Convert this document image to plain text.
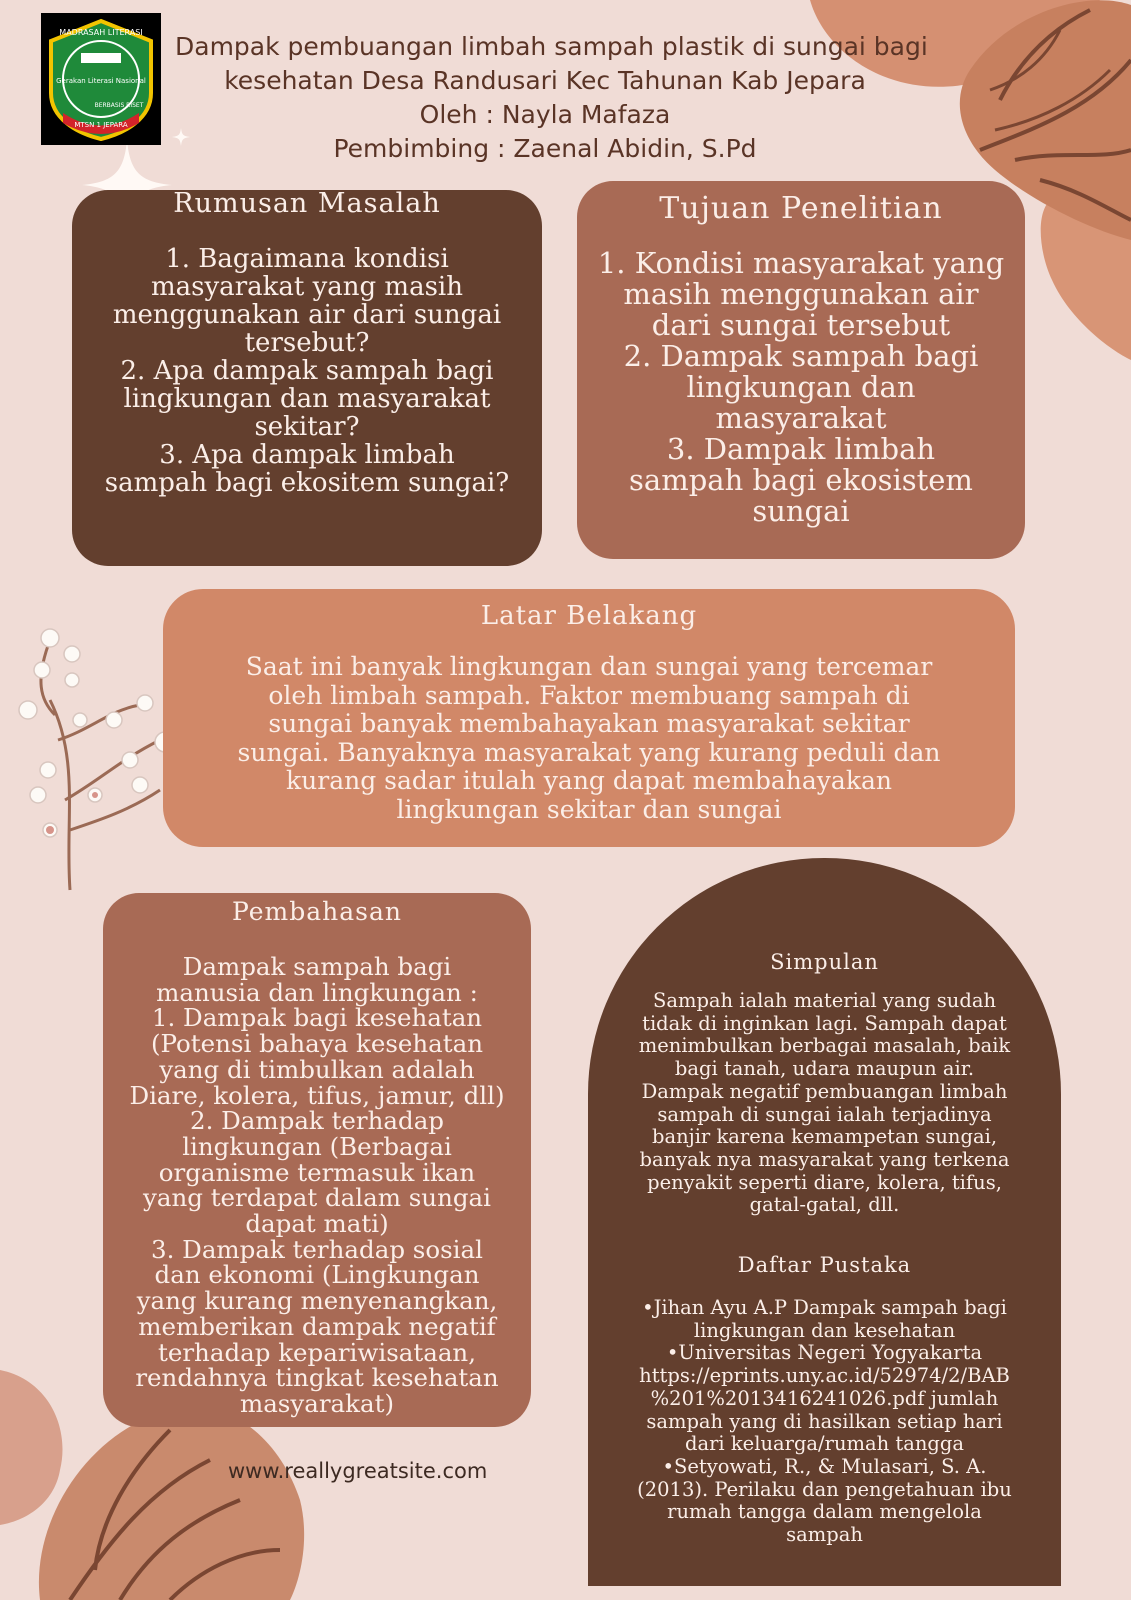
MADRASAH LITERASI
Gerakan Literasi Nasional
BERBASIS RISET
MTSN 1 JEPARA
Dampak pembuangan limbah sampah plastik di sungai bagi
kesehatan Desa Randusari Kec Tahunan Kab Jepara
Oleh : Nayla Mafaza
Pembimbing : Zaenal Abidin, S.Pd
Rumusan Masalah
1. Bagaimana kondisi
masyarakat yang masih
menggunakan air dari sungai
tersebut?
2. Apa dampak sampah bagi
lingkungan dan masyarakat
sekitar?
3. Apa dampak limbah
sampah bagi ekositem sungai?
Tujuan Penelitian
1. Kondisi masyarakat yang
masih menggunakan air
dari sungai tersebut
2. Dampak sampah bagi
lingkungan dan
masyarakat
3. Dampak limbah
sampah bagi ekosistem
sungai
Latar Belakang
Saat ini banyak lingkungan dan sungai yang tercemar
oleh limbah sampah. Faktor membuang sampah di
sungai banyak membahayakan masyarakat sekitar
sungai. Banyaknya masyarakat yang kurang peduli dan
kurang sadar itulah yang dapat membahayakan
lingkungan sekitar dan sungai
Pembahasan
Dampak sampah bagi
manusia dan lingkungan :
1. Dampak bagi kesehatan
(Potensi bahaya kesehatan
yang di timbulkan adalah
Diare, kolera, tifus, jamur, dll)
2. Dampak terhadap
lingkungan (Berbagai
organisme termasuk ikan
yang terdapat dalam sungai
dapat mati)
3. Dampak terhadap sosial
dan ekonomi (Lingkungan
yang kurang menyenangkan,
memberikan dampak negatif
terhadap kepariwisataan,
rendahnya tingkat kesehatan
masyarakat)
Simpulan
Sampah ialah material yang sudah
tidak di inginkan lagi. Sampah dapat
menimbulkan berbagai masalah, baik
bagi tanah, udara maupun air.
Dampak negatif pembuangan limbah
sampah di sungai ialah terjadinya
banjir karena kemampetan sungai,
banyak nya masyarakat yang terkena
penyakit seperti diare, kolera, tifus,
gatal-gatal, dll.
Daftar Pustaka
•Jihan Ayu A.P Dampak sampah bagi
lingkungan dan kesehatan
•Universitas Negeri Yogyakarta
https://eprints.uny.ac.id/52974/2/BAB
%201%2013416241026.pdf jumlah
sampah yang di hasilkan setiap hari
dari keluarga/rumah tangga
•Setyowati, R., & Mulasari, S. A.
(2013). Perilaku dan pengetahuan ibu
rumah tangga dalam mengelola
sampah
www.reallygreatsite.com
